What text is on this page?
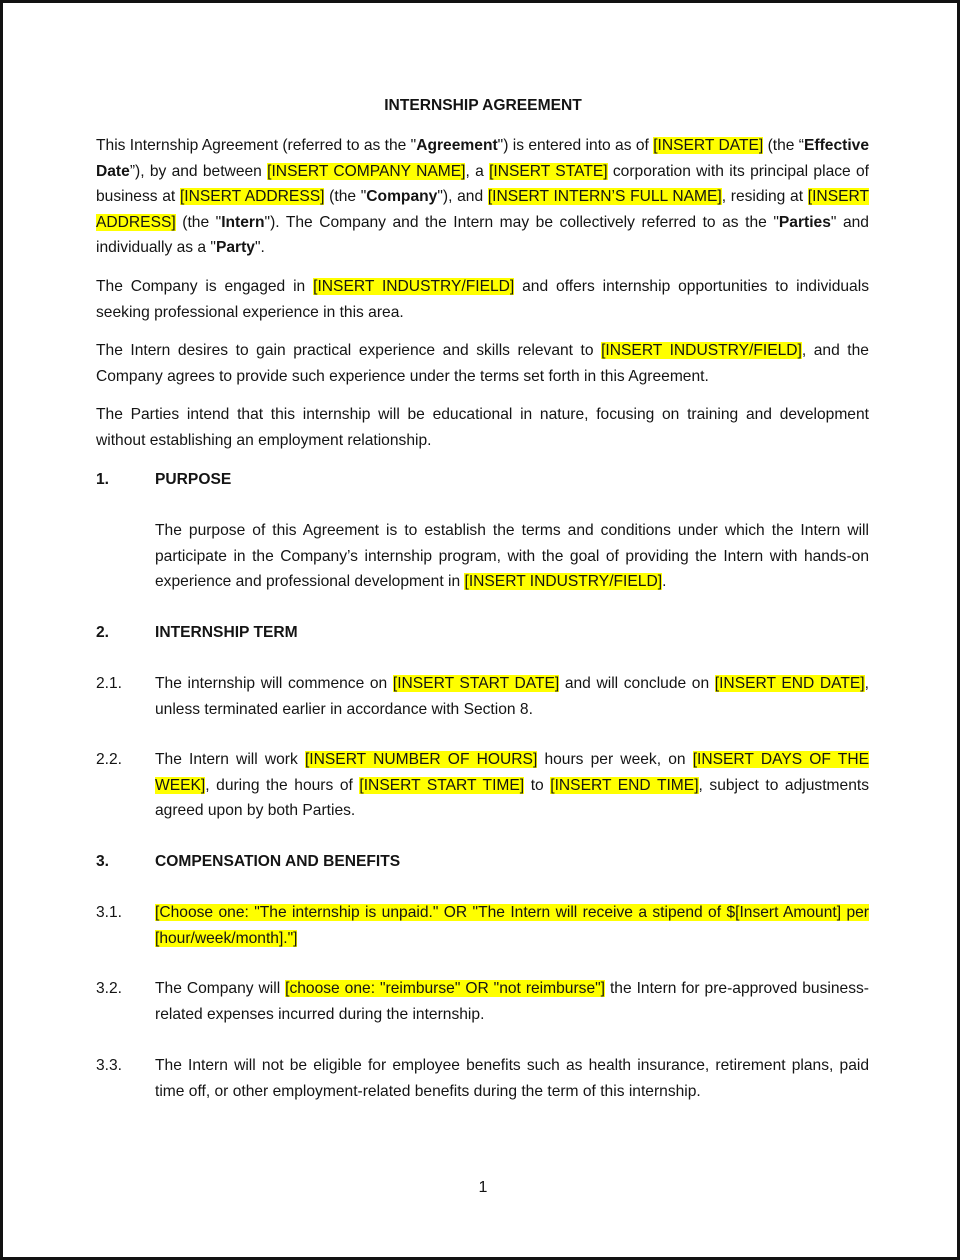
INTERNSHIP AGREEMENT

This Internship Agreement (referred to as the "Agreement") is entered into as of [INSERT DATE] (the “Effective Date”), by and between [INSERT COMPANY NAME], a [INSERT STATE] corporation with its principal place of business at [INSERT ADDRESS] (the "Company"), and [INSERT INTERN’S FULL NAME], residing at [INSERT ADDRESS] (the "Intern"). The Company and the Intern may be collectively referred to as the "Parties" and individually as a "Party".

The Company is engaged in [INSERT INDUSTRY/FIELD] and offers internship opportunities to individuals seeking professional experience in this area.

The Intern desires to gain practical experience and skills relevant to [INSERT INDUSTRY/FIELD], and the Company agrees to provide such experience under the terms set forth in this Agreement.

The Parties intend that this internship will be educational in nature, focusing on training and development without establishing an employment relationship.

1.	PURPOSE

The purpose of this Agreement is to establish the terms and conditions under which the Intern will participate in the Company’s internship program, with the goal of providing the Intern with hands-on experience and professional development in [INSERT INDUSTRY/FIELD].

2.	INTERNSHIP TERM
2.1. The internship will commence on [INSERT START DATE] and will conclude on [INSERT END DATE], unless terminated earlier in accordance with Section 8.

2.2. The Intern will work [INSERT NUMBER OF HOURS] hours per week, on [INSERT DAYS OF THE WEEK], during the hours of [INSERT START TIME] to [INSERT END TIME], subject to adjustments agreed upon by both Parties.

3.	COMPENSATION AND BENEFITS
3.1. [Choose one: "The internship is unpaid." OR "The Intern will receive a stipend of $[Insert Amount] per [hour/week/month]."]

3.2. The Company will [choose one: "reimburse" OR "not reimburse"] the Intern for pre-approved business-related expenses incurred during the internship.

3.3. The Intern will not be eligible for employee benefits such as health insurance, retirement plans, paid time off, or other employment-related benefits during the term of this internship.

1
